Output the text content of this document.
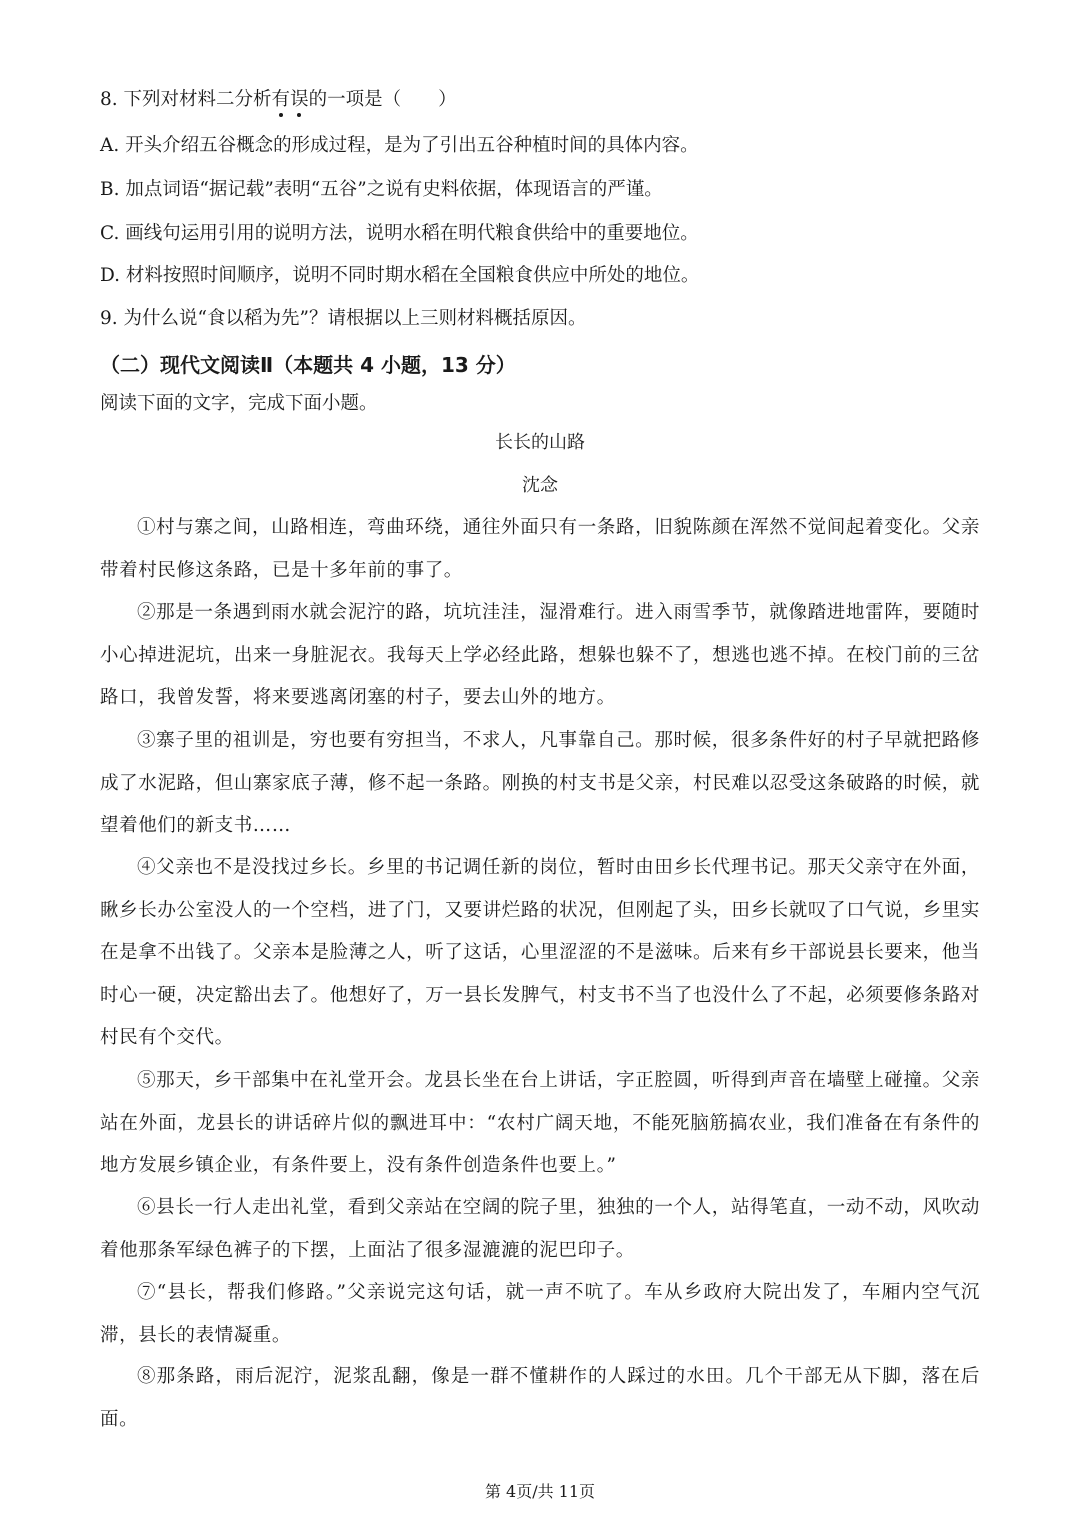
8. 下列对材料二分析有误的一项是（　　）
A. 开头介绍五谷概念的形成过程，是为了引出五谷种植时间的具体内容。
B. 加点词语“据记载”表明“五谷”之说有史料依据，体现语言的严谨。
C. 画线句运用引用的说明方法，说明水稻在明代粮食供给中的重要地位。
D. 材料按照时间顺序，说明不同时期水稻在全国粮食供应中所处的地位。
9. 为什么说“食以稻为先”？请根据以上三则材料概括原因。
（二）现代文阅读Ⅱ（本题共 4 小题，13 分）
阅读下面的文字，完成下面小题。
长长的山路
沈念
①村与寨之间，山路相连，弯曲环绕，通往外面只有一条路，旧貌陈颜在浑然不觉间起着变化。父亲带着村民修这条路，已是十多年前的事了。
②那是一条遇到雨水就会泥泞的路，坑坑洼洼，湿滑难行。进入雨雪季节，就像踏进地雷阵，要随时小心掉进泥坑，出来一身脏泥衣。我每天上学必经此路，想躲也躲不了，想逃也逃不掉。在校门前的三岔路口，我曾发誓，将来要逃离闭塞的村子，要去山外的地方。
③寨子里的祖训是，穷也要有穷担当，不求人，凡事靠自己。那时候，很多条件好的村子早就把路修成了水泥路，但山寨家底子薄，修不起一条路。刚换的村支书是父亲，村民难以忍受这条破路的时候，就望着他们的新支书……
④父亲也不是没找过乡长。乡里的书记调任新的岗位，暂时由田乡长代理书记。那天父亲守在外面，瞅乡长办公室没人的一个空档，进了门，又要讲烂路的状况，但刚起了头，田乡长就叹了口气说，乡里实在是拿不出钱了。父亲本是脸薄之人，听了这话，心里涩涩的不是滋味。后来有乡干部说县长要来，他当时心一硬，决定豁出去了。他想好了，万一县长发脾气，村支书不当了也没什么了不起，必须要修条路对村民有个交代。
⑤那天，乡干部集中在礼堂开会。龙县长坐在台上讲话，字正腔圆，听得到声音在墙壁上碰撞。父亲站在外面，龙县长的讲话碎片似的飘进耳中：“农村广阔天地，不能死脑筋搞农业，我们准备在有条件的地方发展乡镇企业，有条件要上，没有条件创造条件也要上。”
⑥县长一行人走出礼堂，看到父亲站在空阔的院子里，独独的一个人，站得笔直，一动不动，风吹动着他那条军绿色裤子的下摆，上面沾了很多湿漉漉的泥巴印子。
⑦“县长，帮我们修路。”父亲说完这句话，就一声不吭了。车从乡政府大院出发了，车厢内空气沉滞，县长的表情凝重。
⑧那条路，雨后泥泞，泥浆乱翻，像是一群不懂耕作的人踩过的水田。几个干部无从下脚，落在后面。
第 4页/共 11页
